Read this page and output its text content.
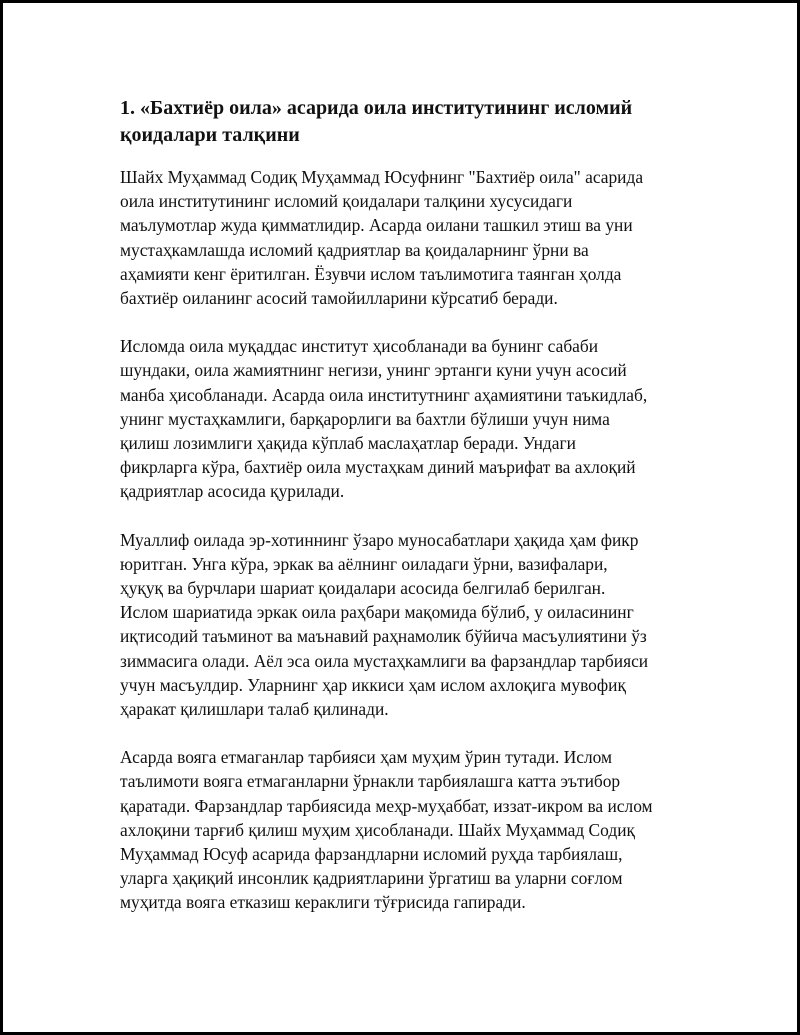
1. «Бахтиёр оила» асарида оила институтининг исломий
қоидалари талқини

Шайх Муҳаммад Содиқ Муҳаммад Юсуфнинг "Бахтиёр оила" асарида
оила институтининг исломий қоидалари талқини хусусидаги
маълумотлар жуда қимматлидир. Асарда оилани ташкил этиш ва уни
мустаҳкамлашда исломий қадриятлар ва қоидаларнинг ўрни ва
аҳамияти кенг ёритилган. Ёзувчи ислом таълимотига таянган ҳолда
бахтиёр оиланинг асосий тамойилларини кўрсатиб беради.

Исломда оила муқаддас институт ҳисобланади ва бунинг сабаби
шундаки, оила жамиятнинг негизи, унинг эртанги куни учун асосий
манба ҳисобланади. Асарда оила институтнинг аҳамиятини таъкидлаб,
унинг мустаҳкамлиги, барқарорлиги ва бахтли бўлиши учун нима
қилиш лозимлиги ҳақида кўплаб маслаҳатлар беради. Ундаги
фикрларга кўра, бахтиёр оила мустаҳкам диний маърифат ва ахлоқий
қадриятлар асосида қурилади.

Муаллиф оилада эр-хотиннинг ўзаро муносабатлари ҳақида ҳам фикр
юритган. Унга кўра, эркак ва аёлнинг оиладаги ўрни, вазифалари,
ҳуқуқ ва бурчлари шариат қоидалари асосида белгилаб берилган.
Ислом шариатида эркак оила раҳбари мақомида бўлиб, у оиласининг
иқтисодий таъминот ва маънавий раҳнамолик бўйича масъулиятини ўз
зиммасига олади. Аёл эса оила мустаҳкамлиги ва фарзандлар тарбияси
учун масъулдир. Уларнинг ҳар иккиси ҳам ислом ахлоқига мувофиқ
ҳаракат қилишлари талаб қилинади.

Асарда вояга етмаганлар тарбияси ҳам муҳим ўрин тутади. Ислом
таълимоти вояга етмаганларни ўрнакли тарбиялашга катта эътибор
қаратади. Фарзандлар тарбиясида меҳр-муҳаббат, иззат-икром ва ислом
ахлоқини тарғиб қилиш муҳим ҳисобланади. Шайх Муҳаммад Содиқ
Муҳаммад Юсуф асарида фарзандларни исломий руҳда тарбиялаш,
уларга ҳақиқий инсонлик қадриятларини ўргатиш ва уларни соғлом
муҳитда вояга етказиш кераклиги тўғрисида гапиради.
